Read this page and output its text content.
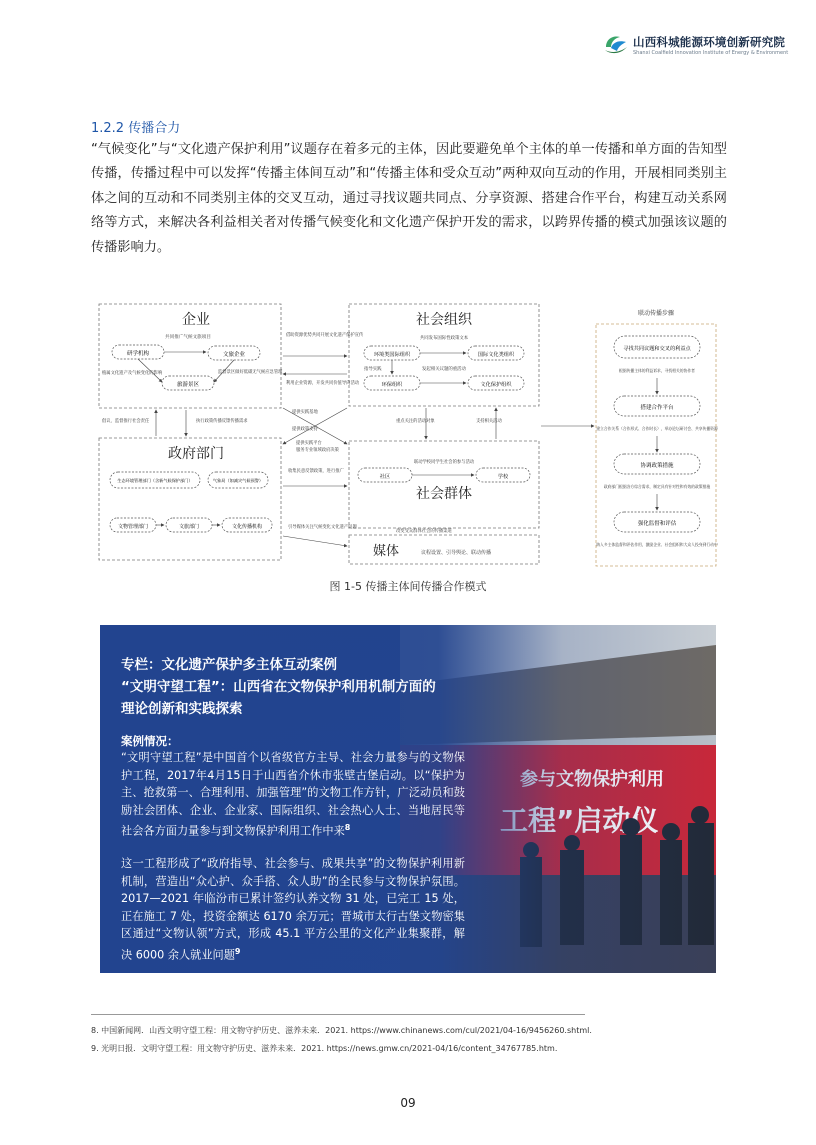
山西科城能源环境创新研究院
Shanxi Coalfield Innovation Institute of Energy & Environment
1.2.2 传播合力

“气候变化”与“文化遗产保护利用”议题存在着多元的主体，因此要避免单个主体的单一传播和单方面的告知型传播，传播过程中可以发挥“传播主体间互动”和“传播主体和受众互动”两种双向互动的作用，开展相同类别主体之间的互动和不同类别主体的交叉互动，通过寻找议题共同点、分享资源、搭建合作平台，构建互动关系网络等方式，来解决各利益相关者对传播气候变化和文化遗产保护开发的需求，以跨界传播的模式加强该议题的传播影响力。

企业
研学机构	文旅企业
旅游景区
共同推广气候文旅项目
植属文化遗产及气候变化的影响	监督景区做好低碳无气候应急管理
社会组织
环境类国际组织	国际文化类组织
环保组织	文化保护组织
共同发布国际性政策文本
指导实践	发起相关议题的重活动
政府部门
生态环境管理部门（含新气候保护部门）	气象局（如减灾气候预警）
文物管理部门	文旅部门	文化传播机构
社会群体
社区	学校
联动学校同学生社会的参与活动
媒体	议程设置、引导舆论、联动传播
借助资源优势共同开展文化遗产保护宣传
利用企业资源，开发共同价值导向活动
执行政策传播反馈传播需求
倡议、监督推行社会责任
提供实践基地
提供政策支持
重点关注的活动对象	支持相关活动
提供实践平台
服务专业领域政府决策
收集民意反馈政策，进行推广
引导媒体关注气候变化文化遗产问题
改变受众群体社会的传播渠道
联动传播步骤
寻找共同议题和交叉的利益点
搭建合作平台
协调政策措施
强化监督和评估
根据传播主体的利益诉求，寻找相关的协作者
建立合作关系（合作形式、合作时长），举办论坛研讨会、共享传播资源
政府部门根据各方综合需求，制定具有针对性和有效的政策措施
纳入多主体监督和评估作用，激励企业、社会组织和大众人投身到行动中
图 1-5 传播主体间传播合作模式
专栏：文化遗产保护多主体互动案例
“文明守望工程”：山西省在文物保护利用机制方面的
理论创新和实践探索
案例情况：
“文明守望工程”是中国首个以省级官方主导、社会力量参与的文物保护工程，2017年4月15日于山西省介休市张壁古堡启动。以“保护为主、抢救第一、合理利用、加强管理”的文物工作方针，广泛动员和鼓励社会团体、企业、企业家、国际组织、社会热心人士、当地居民等社会各方面力量参与到文物保护利用工作中来$^8$
这一工程形成了“政府指导、社会参与、成果共享”的文物保护利用新机制，营造出“众心护、众手搭、众人助”的全民参与文物保护氛围。2017—2021 年临汾市已累计签约认养文物 31 处，已完工 15 处，正在施工 7 处，投资金额达 6170 余万元；晋城市太行古堡文物密集区通过“文物认领”方式，形成 45.1 平方公里的文化产业集聚群，解决 6000 余人就业问题$^9$
8. 中国新闻网．山西文明守望工程：用文物守护历史、滋养未来．2021. https://www.chinanews.com/cul/2021/04-16/9456260.shtml.
9. 光明日报．文明守望工程：用文物守护历史、滋养未来．2021. https://news.gmw.cn/2021-04/16/content_34767785.htm.
09
